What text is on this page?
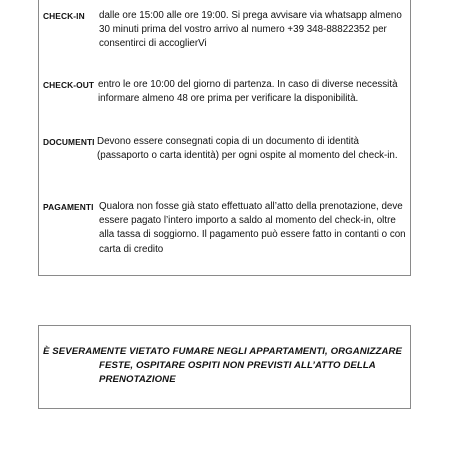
CHECK-IN dalle ore 15:00 alle ore 19:00. Si prega avvisare via whatsapp almeno 30 minuti prima del vostro arrivo al numero +39 348-88822352 per consentirci di accoglierVi
CHECK-OUT entro le ore 10:00 del giorno di partenza. In caso di diverse necessità informare almeno 48 ore prima per verificare la disponibilità.
DOCUMENTI Devono essere consegnati copia di un documento di identità (passaporto o carta identità) per ogni ospite al momento del check-in.
PAGAMENTI Qualora non fosse già stato effettuato all’atto della prenotazione, deve essere pagato l’intero importo a saldo al momento del check-in, oltre alla tassa di soggiorno. Il pagamento può essere fatto in contanti o con carta di credito
È SEVERAMENTE VIETATO FUMARE NEGLI APPARTAMENTI, ORGANIZZARE
FESTE, OSPITARE OSPITI NON PREVISTI ALL’ATTO DELLA
PRENOTAZIONE
